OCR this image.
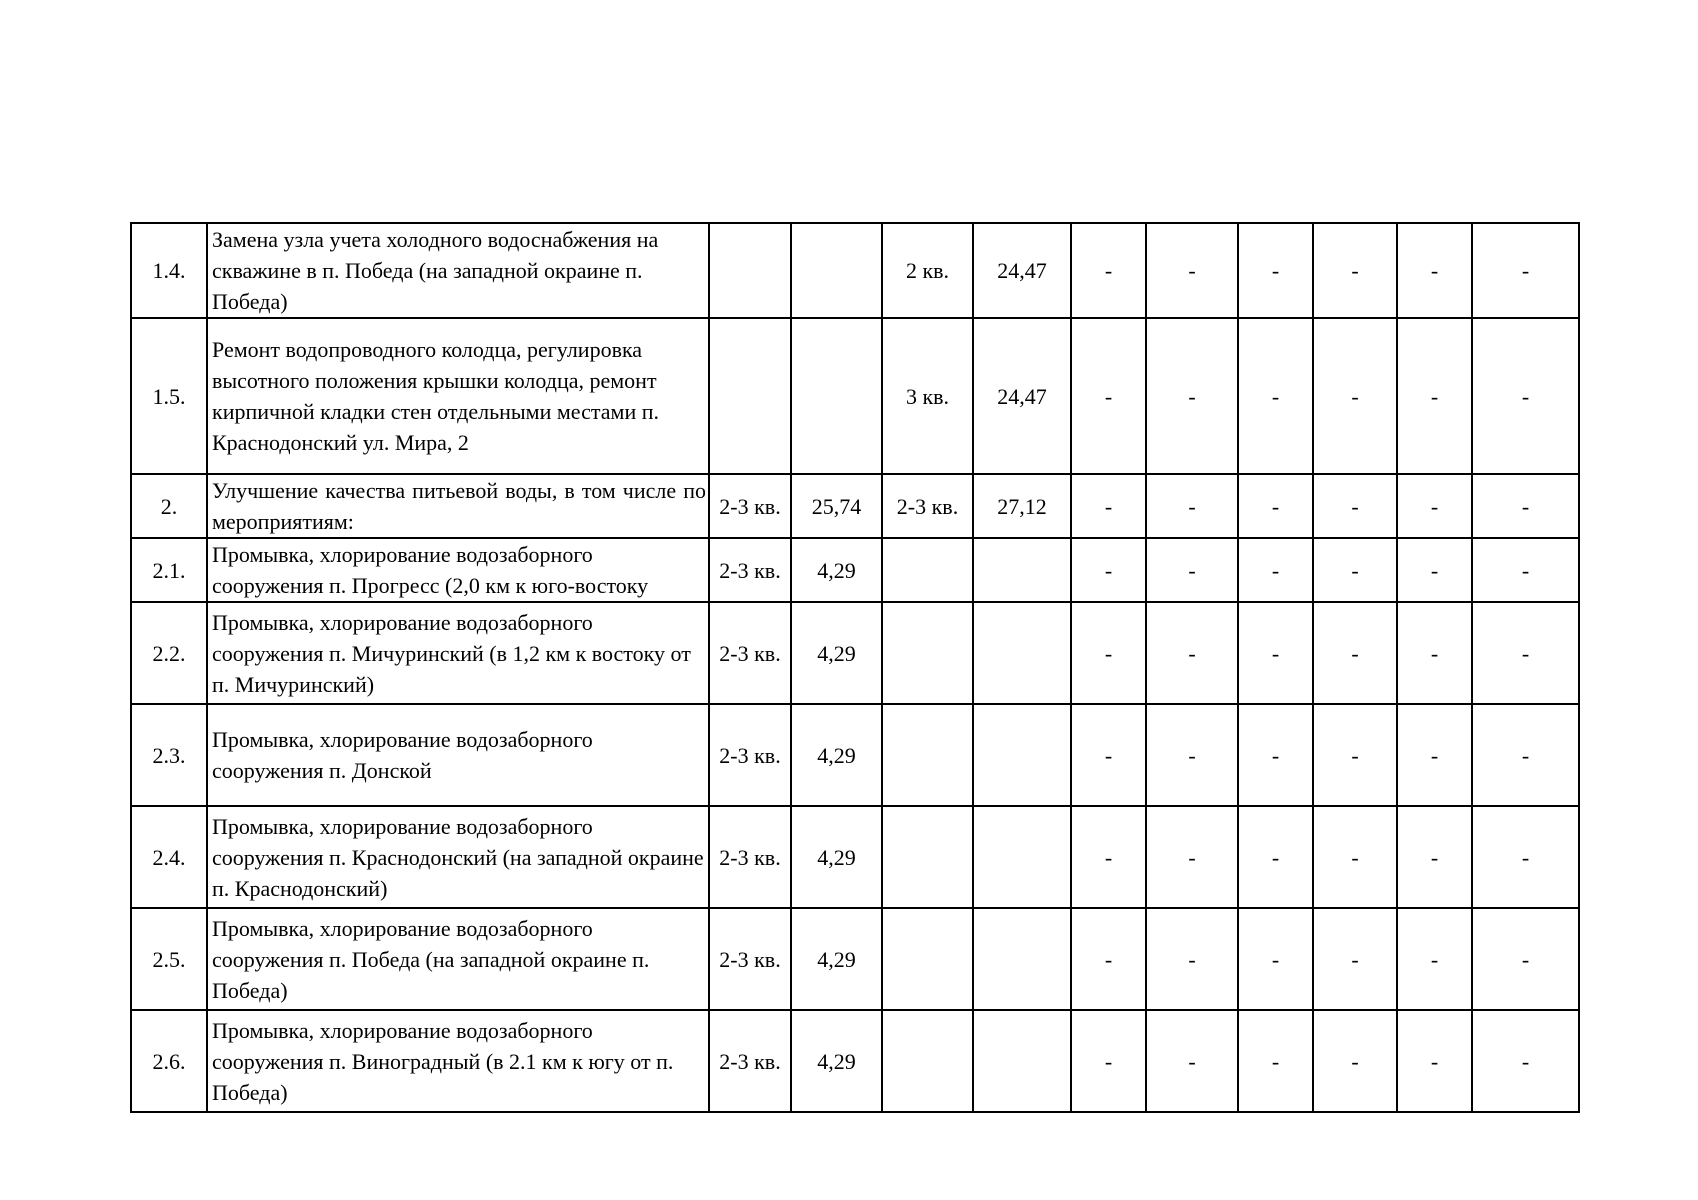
1.4.	Замена узла учета холодного водоснабжения на скважине в п. Победа (на западной окраине п. Победа)			2 кв.	24,47	-	-	-	-	-	-
1.5.	Ремонт водопроводного колодца, регулировка высотного положения крышки колодца, ремонт кирпичной кладки стен отдельными местами п. Краснодонский ул. Мира, 2			3 кв.	24,47	-	-	-	-	-	-
2.	Улучшение качества питьевой воды, в том числе по мероприятиям:	2-3 кв.	25,74	2-3 кв.	27,12	-	-	-	-	-	-
2.1.	Промывка, хлорирование водозаборного сооружения п. Прогресс (2,0 км к юго-востоку	2-3 кв.	4,29			-	-	-	-	-	-
2.2.	Промывка, хлорирование водозаборного сооружения п. Мичуринский (в 1,2 км к востоку от п. Мичуринский)	2-3 кв.	4,29			-	-	-	-	-	-
2.3.	Промывка, хлорирование водозаборного сооружения п. Донской	2-3 кв.	4,29			-	-	-	-	-	-
2.4.	Промывка, хлорирование водозаборного сооружения п. Краснодонский (на западной окраине п. Краснодонский)	2-3 кв.	4,29			-	-	-	-	-	-
2.5.	Промывка, хлорирование водозаборного сооружения п. Победа (на западной окраине п. Победа)	2-3 кв.	4,29			-	-	-	-	-	-
2.6.	Промывка, хлорирование водозаборного сооружения п. Виноградный (в 2.1 км к югу от п. Победа)	2-3 кв.	4,29			-	-	-	-	-	-
